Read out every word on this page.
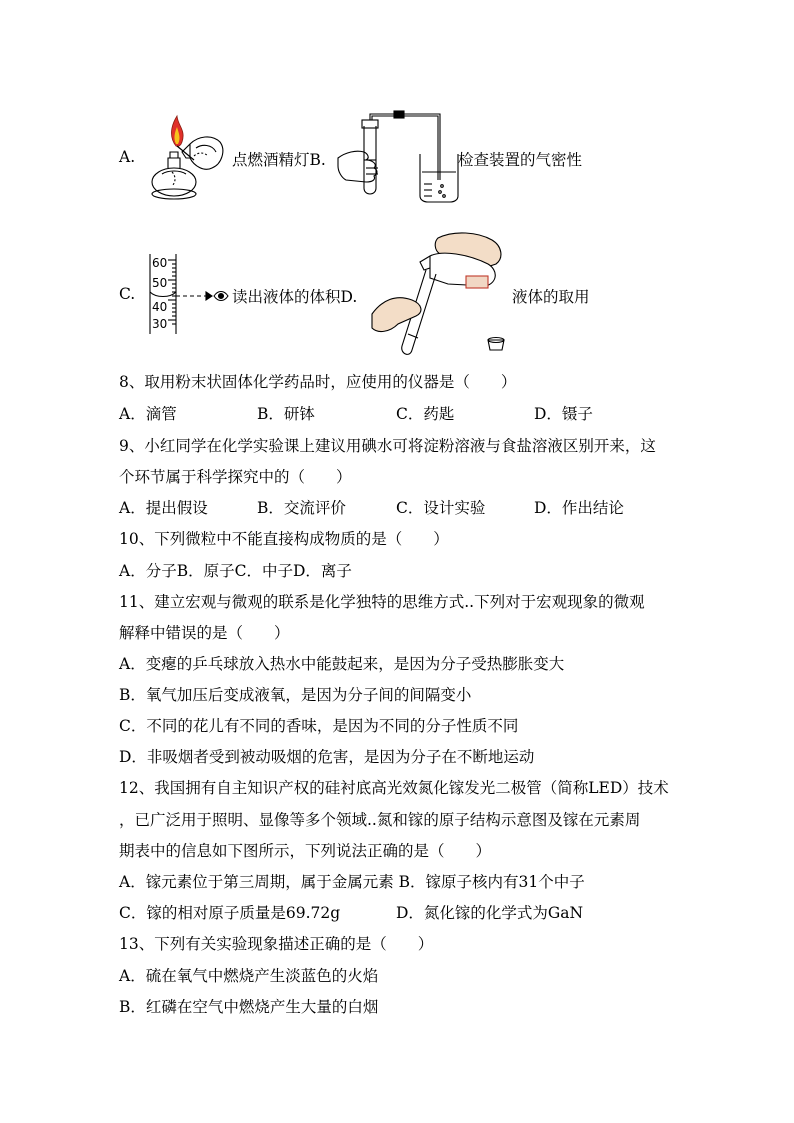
A.	点燃酒精灯B.	检查装置的气密性
C.
60
50
40
30
读出液体的体积D.	液体的取用
8、取用粉末状固体化学药品时，应使用的仪器是（　　）
A．滴管	B．研钵	C．药匙	D．镊子
9、小红同学在化学实验课上建议用碘水可将淀粉溶液与食盐溶液区别开来，这
个环节属于科学探究中的（　　）
A．提出假设	B．交流评价	C．设计实验	D．作出结论
10、下列微粒中不能直接构成物质的是（　　）
A．分子B．原子C．中子D．离子
11、建立宏观与微观的联系是化学独特的思维方式..下列对于宏观现象的微观
解释中错误的是（　　）
A．变瘪的乒乓球放入热水中能鼓起来，是因为分子受热膨胀变大
B．氧气加压后变成液氧，是因为分子间的间隔变小
C．不同的花儿有不同的香味，是因为不同的分子性质不同
D．非吸烟者受到被动吸烟的危害，是因为分子在不断地运动
12、我国拥有自主知识产权的硅衬底高光效氮化镓发光二极管（简称LED）技术
，已广泛用于照明、显像等多个领域..氮和镓的原子结构示意图及镓在元素周
期表中的信息如下图所示，下列说法正确的是（　　）
A．镓元素位于第三周期，属于金属元素 B．镓原子核内有31个中子
C．镓的相对原子质量是69.72g	D．氮化镓的化学式为GaN
13、下列有关实验现象描述正确的是（　　）
A．硫在氧气中燃烧产生淡蓝色的火焰
B．红磷在空气中燃烧产生大量的白烟
